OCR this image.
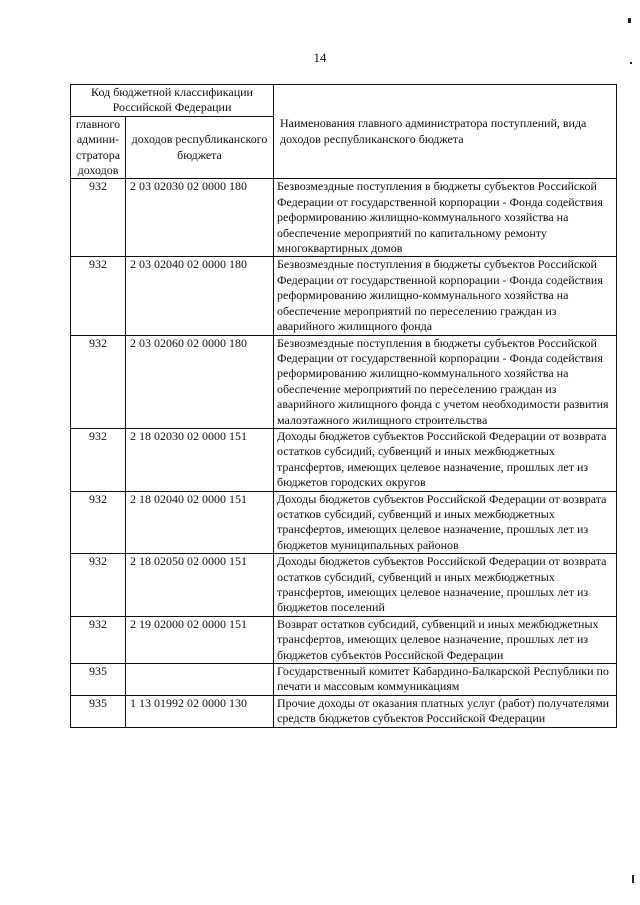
14
Код бюджетной классификации Российской Федерации		Наименования главного администратора поступлений, вида доходов республиканского бюджета
главного админи-стратора доходов	доходов республиканского бюджета	
932	2 03 02030 02 0000 180	Безвозмездные поступления в бюджеты субъектов Российской Федерации от государственной корпорации - Фонда содействия реформированию жилищно-коммунального хозяйства на обеспечение мероприятий по капитальному ремонту многоквартирных домов
932	2 03 02040 02 0000 180	Безвозмездные поступления в бюджеты субъектов Российской Федерации от государственной корпорации - Фонда содействия реформированию жилищно-коммунального хозяйства на обеспечение мероприятий по переселению граждан из аварийного жилищного фонда
932	2 03 02060 02 0000 180	Безвозмездные поступления в бюджеты субъектов Российской Федерации от государственной корпорации - Фонда содействия реформированию жилищно-коммунального хозяйства на обеспечение мероприятий по переселению граждан из аварийного жилищного фонда с учетом необходимости развития малоэтажного жилищного строительства
932	2 18 02030 02 0000 151	Доходы бюджетов субъектов Российской Федерации от возврата остатков субсидий, субвенций и иных межбюджетных трансфертов, имеющих целевое назначение, прошлых лет из бюджетов городских округов
932	2 18 02040 02 0000 151	Доходы бюджетов субъектов Российской Федерации от возврата остатков субсидий, субвенций и иных межбюджетных трансфертов, имеющих целевое назначение, прошлых лет из бюджетов муниципальных районов
932	2 18 02050 02 0000 151	Доходы бюджетов субъектов Российской Федерации от возврата остатков субсидий, субвенций и иных межбюджетных трансфертов, имеющих целевое назначение, прошлых лет из бюджетов поселений
932	2 19 02000 02 0000 151	Возврат остатков субсидий, субвенций и иных межбюджетных трансфертов, имеющих целевое назначение, прошлых лет из бюджетов субъектов Российской Федерации
935		Государственный комитет Кабардино-Балкарской Республики по печати и массовым коммуникациям
935	1 13 01992 02 0000 130	Прочие доходы от оказания платных услуг (работ) получателями средств бюджетов субъектов Российской Федерации
